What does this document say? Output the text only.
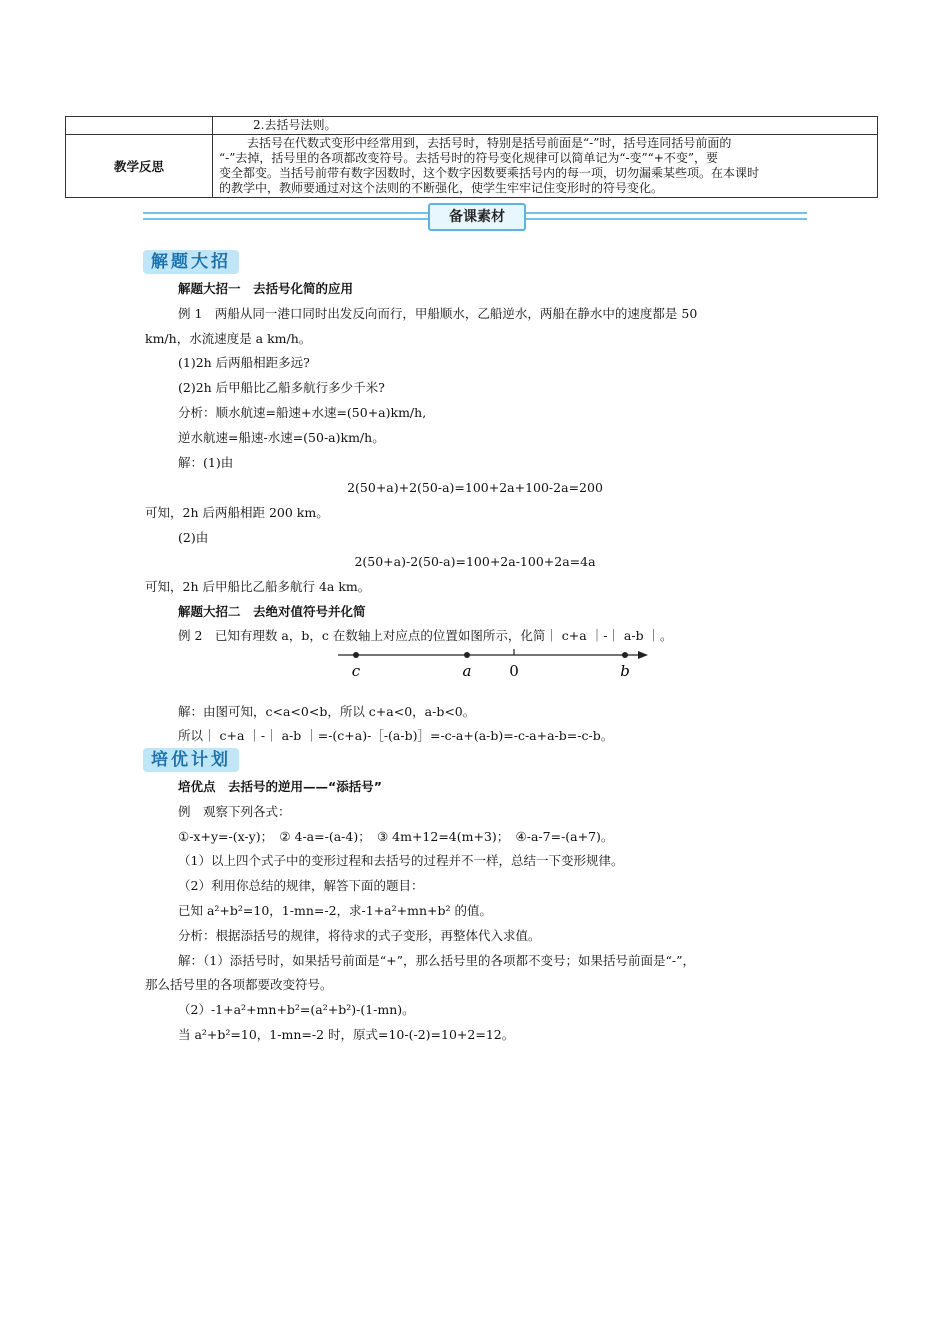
	2.去括号法则。
教学反思	去括号在代数式变形中经常用到，去括号时，特别是括号前面是“-”时，括号连同括号前面的
“-”去掉，括号里的各项都改变符号。去括号时的符号变化规律可以简单记为“-变”“+不变”，要
变全都变。当括号前带有数字因数时，这个数字因数要乘括号内的每一项，切勿漏乘某些项。在本课时
的教学中，教师要通过对这个法则的不断强化，使学生牢牢记住变形时的符号变化。
备课素材
解题大招
解题大招一　去括号化简的应用
例 1　两船从同一港口同时出发反向而行，甲船顺水，乙船逆水，两船在静水中的速度都是 50
km/h，水流速度是 a km/h。
(1)2h 后两船相距多远?
(2)2h 后甲船比乙船多航行多少千米?
分析：顺水航速=船速+水速=(50+a)km/h,
逆水航速=船速-水速=(50-a)km/h。
解：(1)由
2(50+a)+2(50-a)=100+2a+100-2a=200
可知，2h 后两船相距 200 km。
(2)由
2(50+a)-2(50-a)=100+2a-100+2a=4a
可知，2h 后甲船比乙船多航行 4a km。
解题大招二　去绝对值符号并化简
例 2　已知有理数 a，b，c 在数轴上对应点的位置如图所示，化简｜ c+a ｜-｜ a-b ｜。
c	a	0	b
解：由图可知，c<a<0<b，所以 c+a<0，a-b<0。
所以｜ c+a ｜-｜ a-b ｜=-(c+a)-［-(a-b)］=-c-a+(a-b)=-c-a+a-b=-c-b。
培优计划
培优点　去括号的逆用——“添括号”
例　观察下列各式：
①-x+y=-(x-y)；　② 4-a=-(a-4)；　③ 4m+12=4(m+3)；　④-a-7=-(a+7)。
（1）以上四个式子中的变形过程和去括号的过程并不一样，总结一下变形规律。
（2）利用你总结的规律，解答下面的题目：
已知 a²+b²=10，1-mn=-2，求-1+a²+mn+b² 的值。
分析：根据添括号的规律，将待求的式子变形，再整体代入求值。
解：（1）添括号时，如果括号前面是“+”，那么括号里的各项都不变号；如果括号前面是“-”，
那么括号里的各项都要改变符号。
（2）-1+a²+mn+b²=(a²+b²)-(1-mn)。
当 a²+b²=10，1-mn=-2 时，原式=10-(-2)=10+2=12。
